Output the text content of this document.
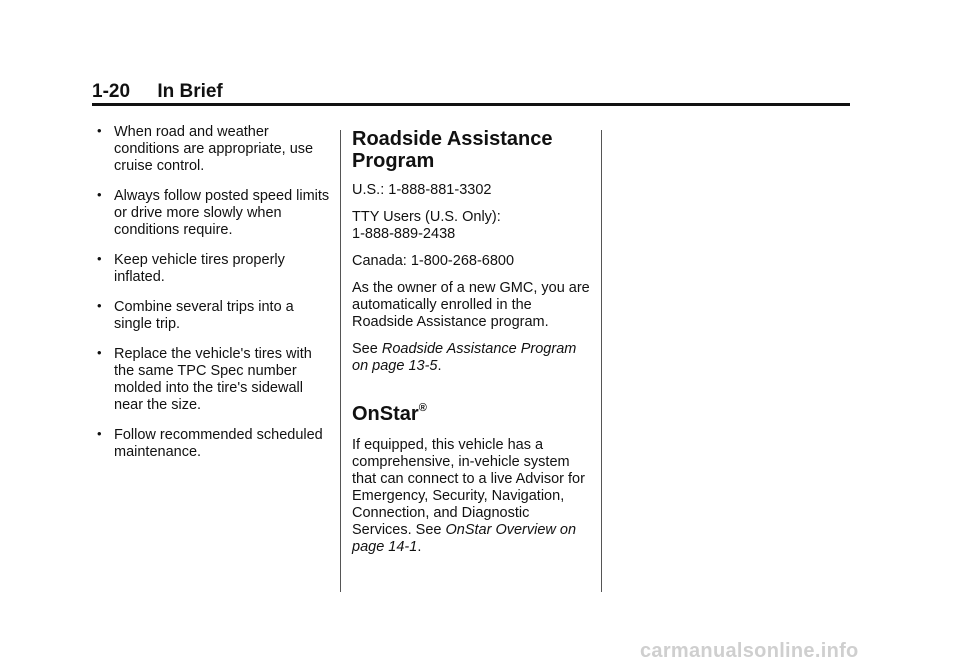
1-20 In Brief
• When road and weather conditions are appropriate, use cruise control.
• Always follow posted speed limits or drive more slowly when conditions require.
• Keep vehicle tires properly inflated.
• Combine several trips into a single trip.
• Replace the vehicle's tires with the same TPC Spec number molded into the tire's sidewall near the size.
• Follow recommended scheduled maintenance.
Roadside Assistance Program

U.S.: 1-888-881-3302

TTY Users (U.S. Only):
1-888-889-2438

Canada: 1-800-268-6800

As the owner of a new GMC, you are automatically enrolled in the Roadside Assistance program.

See Roadside Assistance Program on page 13-5.

OnStar®

If equipped, this vehicle has a comprehensive, in-vehicle system that can connect to a live Advisor for Emergency, Security, Navigation, Connection, and Diagnostic Services. See OnStar Overview on page 14-1.

carmanualsonline.info
